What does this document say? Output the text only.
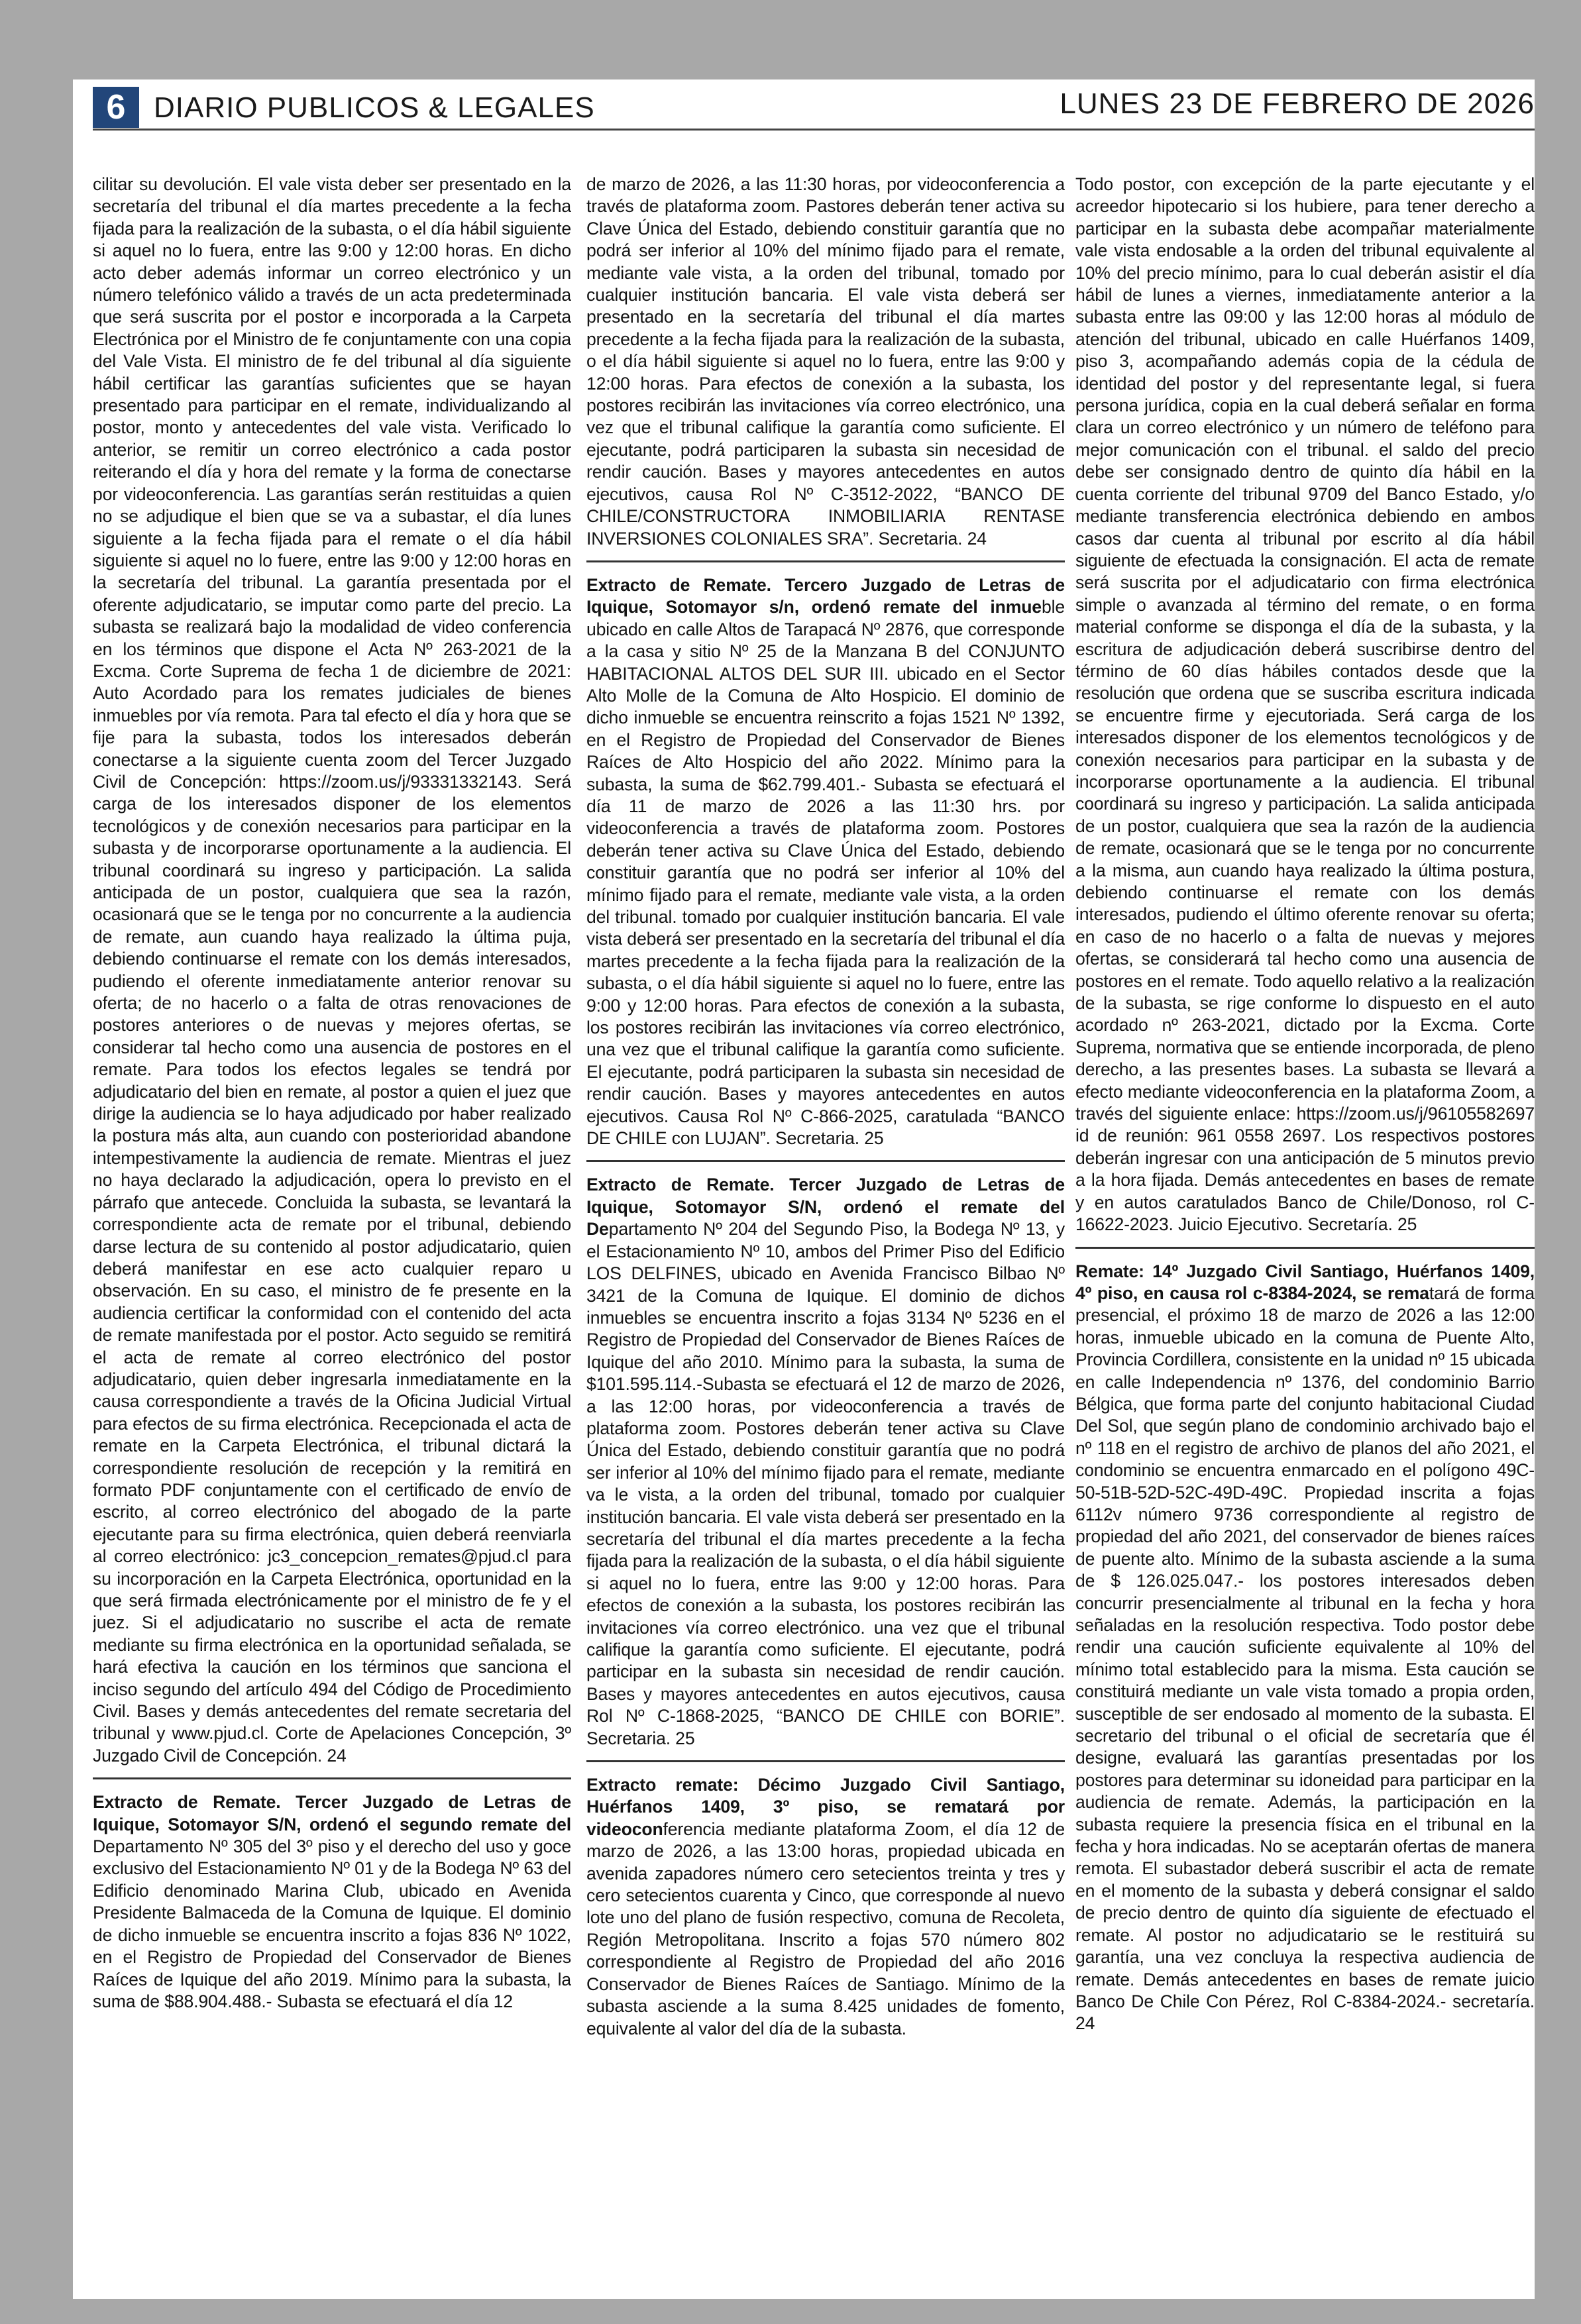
6 DIARIO PUBLICOS & LEGALES	LUNES 23 DE FEBRERO DE 2026

cilitar su devolución. El vale vista deber ser presentado en la secretaría del tribunal el día martes precedente a la fecha fijada para la realización de la subasta, o el día hábil siguiente si aquel no lo fuera, entre las 9:00 y 12:00 horas. En dicho acto deber además informar un correo electrónico y un número telefónico válido a través de un acta predeterminada que será suscrita por el postor e incorporada a la Carpeta Electrónica por el Ministro de fe conjuntamente con una copia del Vale Vista. El ministro de fe del tribunal al día siguiente hábil certificar las garantías suficientes que se hayan presentado para participar en el remate, individualizando al postor, monto y antecedentes del vale vista. Verificado lo anterior, se remitir un correo electrónico a cada postor reiterando el día y hora del remate y la forma de conectarse por videoconferencia. Las garantías serán restituidas a quien no se adjudique el bien que se va a subastar, el día lunes siguiente a la fecha fijada para el remate o el día hábil siguiente si aquel no lo fuere, entre las 9:00 y 12:00 horas en la secretaría del tribunal. La garantía presentada por el oferente adjudicatario, se imputar como parte del precio. La subasta se realizará bajo la modalidad de video conferencia en los términos que dispone el Acta Nº 263-2021 de la Excma. Corte Suprema de fecha 1 de diciembre de 2021: Auto Acordado para los remates judiciales de bienes inmuebles por vía remota. Para tal efecto el día y hora que se fije para la subasta, todos los interesados deberán conectarse a la siguiente cuenta zoom del Tercer Juzgado Civil de Concepción: https://zoom.us/j/93331332143. Será carga de los interesados disponer de los elementos tecnológicos y de conexión necesarios para participar en la subasta y de incorporarse oportunamente a la audiencia. El tribunal coordinará su ingreso y participación. La salida anticipada de un postor, cualquiera que sea la razón, ocasionará que se le tenga por no concurrente a la audiencia de remate, aun cuando haya realizado la última puja, debiendo continuarse el remate con los demás interesados, pudiendo el oferente inmediatamente anterior renovar su oferta; de no hacerlo o a falta de otras renovaciones de postores anteriores o de nuevas y mejores ofertas, se considerar tal hecho como una ausencia de postores en el remate. Para todos los efectos legales se tendrá por adjudicatario del bien en remate, al postor a quien el juez que dirige la audiencia se lo haya adjudicado por haber realizado la postura más alta, aun cuando con posterioridad abandone intempestivamente la audiencia de remate. Mientras el juez no haya declarado la adjudicación, opera lo previsto en el párrafo que antecede. Concluida la subasta, se levantará la correspondiente acta de remate por el tribunal, debiendo darse lectura de su contenido al postor adjudicatario, quien deberá manifestar en ese acto cualquier reparo u observación. En su caso, el ministro de fe presente en la audiencia certificar la conformidad con el contenido del acta de remate manifestada por el postor. Acto seguido se remitirá el acta de remate al correo electrónico del postor adjudicatario, quien deber ingresarla inmediatamente en la causa correspondiente a través de la Oficina Judicial Virtual para efectos de su firma electrónica. Recepcionada el acta de remate en la Carpeta Electrónica, el tribunal dictará la correspondiente resolución de recepción y la remitirá en formato PDF conjuntamente con el certificado de envío de escrito, al correo electrónico del abogado de la parte ejecutante para su firma electrónica, quien deberá reenviarla al correo electrónico: jc3_concepcion_remates@pjud.cl para su incorporación en la Carpeta Electrónica, oportunidad en la que será firmada electrónicamente por el ministro de fe y el juez. Si el adjudicatario no suscribe el acta de remate mediante su firma electrónica en la oportunidad señalada, se hará efectiva la caución en los términos que sanciona el inciso segundo del artículo 494 del Código de Procedimiento Civil. Bases y demás antecedentes del remate secretaria del tribunal y www.pjud.cl. Corte de Apelaciones Concepción, 3º Juzgado Civil de Concepción. 24

Extracto de Remate. Tercer Juzgado de Letras de Iquique, Sotomayor S/N, ordenó el segundo remate del Departamento Nº 305 del 3º piso y el derecho del uso y goce exclusivo del Estacionamiento Nº 01 y de la Bodega Nº 63 del Edificio denominado Marina Club, ubicado en Avenida Presidente Balmaceda de la Comuna de Iquique. El dominio de dicho inmueble se encuentra inscrito a fojas 836 Nº 1022, en el Registro de Propiedad del Conservador de Bienes Raíces de Iquique del año 2019. Mínimo para la subasta, la suma de $88.904.488.- Subasta se efectuará el día 12

de marzo de 2026, a las 11:30 horas, por videoconferencia a través de plataforma zoom. Pastores deberán tener activa su Clave Única del Estado, debiendo constituir garantía que no podrá ser inferior al 10% del mínimo fijado para el remate, mediante vale vista, a la orden del tribunal, tomado por cualquier institución bancaria. El vale vista deberá ser presentado en la secretaría del tribunal el día martes precedente a la fecha fijada para la realización de la subasta, o el día hábil siguiente si aquel no lo fuera, entre las 9:00 y 12:00 horas. Para efectos de conexión a la subasta, los postores recibirán las invitaciones vía correo electrónico, una vez que el tribunal califique la garantía como suficiente. El ejecutante, podrá participaren la subasta sin necesidad de rendir caución. Bases y mayores antecedentes en autos ejecutivos, causa Rol Nº C-3512-2022, “BANCO DE CHILE/CONSTRUCTORA INMOBILIARIA RENTASE INVERSIONES COLONIALES SRA”. Secretaria. 24

Extracto de Remate. Tercero Juzgado de Letras de Iquique, Sotomayor s/n, ordenó remate del inmueble ubicado en calle Altos de Tarapacá Nº 2876, que corresponde a la casa y sitio Nº 25 de la Manzana B del CONJUNTO HABITACIONAL ALTOS DEL SUR III. ubicado en el Sector Alto Molle de la Comuna de Alto Hospicio. El dominio de dicho inmueble se encuentra reinscrito a fojas 1521 Nº 1392, en el Registro de Propiedad del Conservador de Bienes Raíces de Alto Hospicio del año 2022. Mínimo para la subasta, la suma de $62.799.401.- Subasta se efectuará el día 11 de marzo de 2026 a las 11:30 hrs. por videoconferencia a través de plataforma zoom. Postores deberán tener activa su Clave Única del Estado, debiendo constituir garantía que no podrá ser inferior al 10% del mínimo fijado para el remate, mediante vale vista, a la orden del tribunal. tomado por cualquier institución bancaria. El vale vista deberá ser presentado en la secretaría del tribunal el día martes precedente a la fecha fijada para la realización de la subasta, o el día hábil siguiente si aquel no lo fuere, entre las 9:00 y 12:00 horas. Para efectos de conexión a la subasta, los postores recibirán las invitaciones vía correo electrónico, una vez que el tribunal califique la garantía como suficiente. El ejecutante, podrá participaren la subasta sin necesidad de rendir caución. Bases y mayores antecedentes en autos ejecutivos. Causa Rol Nº C-866-2025, caratulada “BANCO DE CHILE con LUJAN”. Secretaria. 25

Extracto de Remate. Tercer Juzgado de Letras de Iquique, Sotomayor S/N, ordenó el remate del Departamento Nº 204 del Segundo Piso, la Bodega Nº 13, y el Estacionamiento Nº 10, ambos del Primer Piso del Edificio LOS DELFINES, ubicado en Avenida Francisco Bilbao Nº 3421 de la Comuna de Iquique. El dominio de dichos inmuebles se encuentra inscrito a fojas 3134 Nº 5236 en el Registro de Propiedad del Conservador de Bienes Raíces de Iquique del año 2010. Mínimo para la subasta, la suma de $101.595.114.-Subasta se efectuará el 12 de marzo de 2026, a las 12:00 horas, por videoconferencia a través de plataforma zoom. Postores deberán tener activa su Clave Única del Estado, debiendo constituir garantía que no podrá ser inferior al 10% del mínimo fijado para el remate, mediante va le vista, a la orden del tribunal, tomado por cualquier institución bancaria. El vale vista deberá ser presentado en la secretaría del tribunal el día martes precedente a la fecha fijada para la realización de la subasta, o el día hábil siguiente si aquel no lo fuera, entre las 9:00 y 12:00 horas. Para efectos de conexión a la subasta, los postores recibirán las invitaciones vía correo electrónico. una vez que el tribunal califique la garantía como suficiente. El ejecutante, podrá participar en la subasta sin necesidad de rendir caución. Bases y mayores antecedentes en autos ejecutivos, causa Rol Nº C-1868-2025, “BANCO DE CHILE con BORIE”. Secretaria. 25

Extracto remate: Décimo Juzgado Civil Santiago, Huérfanos 1409, 3º piso, se rematará por videoconferencia mediante plataforma Zoom, el día 12 de marzo de 2026, a las 13:00 horas, propiedad ubicada en avenida zapadores número cero setecientos treinta y tres y cero setecientos cuarenta y Cinco, que corresponde al nuevo lote uno del plano de fusión respectivo, comuna de Recoleta, Región Metropolitana. Inscrito a fojas 570 número 802 correspondiente al Registro de Propiedad del año 2016 Conservador de Bienes Raíces de Santiago. Mínimo de la subasta asciende a la suma 8.425 unidades de fomento, equivalente al valor del día de la subasta.

Todo postor, con excepción de la parte ejecutante y el acreedor hipotecario si los hubiere, para tener derecho a participar en la subasta debe acompañar materialmente vale vista endosable a la orden del tribunal equivalente al 10% del precio mínimo, para lo cual deberán asistir el día hábil de lunes a viernes, inmediatamente anterior a la subasta entre las 09:00 y las 12:00 horas al módulo de atención del tribunal, ubicado en calle Huérfanos 1409, piso 3, acompañando además copia de la cédula de identidad del postor y del representante legal, si fuera persona jurídica, copia en la cual deberá señalar en forma clara un correo electrónico y un número de teléfono para mejor comunicación con el tribunal. el saldo del precio debe ser consignado dentro de quinto día hábil en la cuenta corriente del tribunal 9709 del Banco Estado, y/o mediante transferencia electrónica debiendo en ambos casos dar cuenta al tribunal por escrito al día hábil siguiente de efectuada la consignación. El acta de remate será suscrita por el adjudicatario con firma electrónica simple o avanzada al término del remate, o en forma material conforme se disponga el día de la subasta, y la escritura de adjudicación deberá suscribirse dentro del término de 60 días hábiles contados desde que la resolución que ordena que se suscriba escritura indicada se encuentre firme y ejecutoriada. Será carga de los interesados disponer de los elementos tecnológicos y de conexión necesarios para participar en la subasta y de incorporarse oportunamente a la audiencia. El tribunal coordinará su ingreso y participación. La salida anticipada de un postor, cualquiera que sea la razón de la audiencia de remate, ocasionará que se le tenga por no concurrente a la misma, aun cuando haya realizado la última postura, debiendo continuarse el remate con los demás interesados, pudiendo el último oferente renovar su oferta; en caso de no hacerlo o a falta de nuevas y mejores ofertas, se considerará tal hecho como una ausencia de postores en el remate. Todo aquello relativo a la realización de la subasta, se rige conforme lo dispuesto en el auto acordado nº 263-2021, dictado por la Excma. Corte Suprema, normativa que se entiende incorporada, de pleno derecho, a las presentes bases. La subasta se llevará a efecto mediante videoconferencia en la plataforma Zoom, a través del siguiente enlace: https://zoom.us/j/96105582697 id de reunión: 961 0558 2697. Los respectivos postores deberán ingresar con una anticipación de 5 minutos previo a la hora fijada. Demás antecedentes en bases de remate y en autos caratulados Banco de Chile/Donoso, rol C-16622-2023. Juicio Ejecutivo. Secretaría. 25

Remate: 14º Juzgado Civil Santiago, Huérfanos 1409, 4º piso, en causa rol c-8384-2024, se rematará de forma presencial, el próximo 18 de marzo de 2026 a las 12:00 horas, inmueble ubicado en la comuna de Puente Alto, Provincia Cordillera, consistente en la unidad nº 15 ubicada en calle Independencia nº 1376, del condominio Barrio Bélgica, que forma parte del conjunto habitacional Ciudad Del Sol, que según plano de condominio archivado bajo el nº 118 en el registro de archivo de planos del año 2021, el condominio se encuentra enmarcado en el polígono 49C-50-51B-52D-52C-49D-49C. Propiedad inscrita a fojas 6112v número 9736 correspondiente al registro de propiedad del año 2021, del conservador de bienes raíces de puente alto. Mínimo de la subasta asciende a la suma de $ 126.025.047.- los postores interesados deben concurrir presencialmente al tribunal en la fecha y hora señaladas en la resolución respectiva. Todo postor debe rendir una caución suficiente equivalente al 10% del mínimo total establecido para la misma. Esta caución se constituirá mediante un vale vista tomado a propia orden, susceptible de ser endosado al momento de la subasta. El secretario del tribunal o el oficial de secretaría que él designe, evaluará las garantías presentadas por los postores para determinar su idoneidad para participar en la audiencia de remate. Además, la participación en la subasta requiere la presencia física en el tribunal en la fecha y hora indicadas. No se aceptarán ofertas de manera remota. El subastador deberá suscribir el acta de remate en el momento de la subasta y deberá consignar el saldo de precio dentro de quinto día siguiente de efectuado el remate. Al postor no adjudicatario se le restituirá su garantía, una vez concluya la respectiva audiencia de remate. Demás antecedentes en bases de remate juicio Banco De Chile Con Pérez, Rol C-8384-2024.- secretaría. 24
